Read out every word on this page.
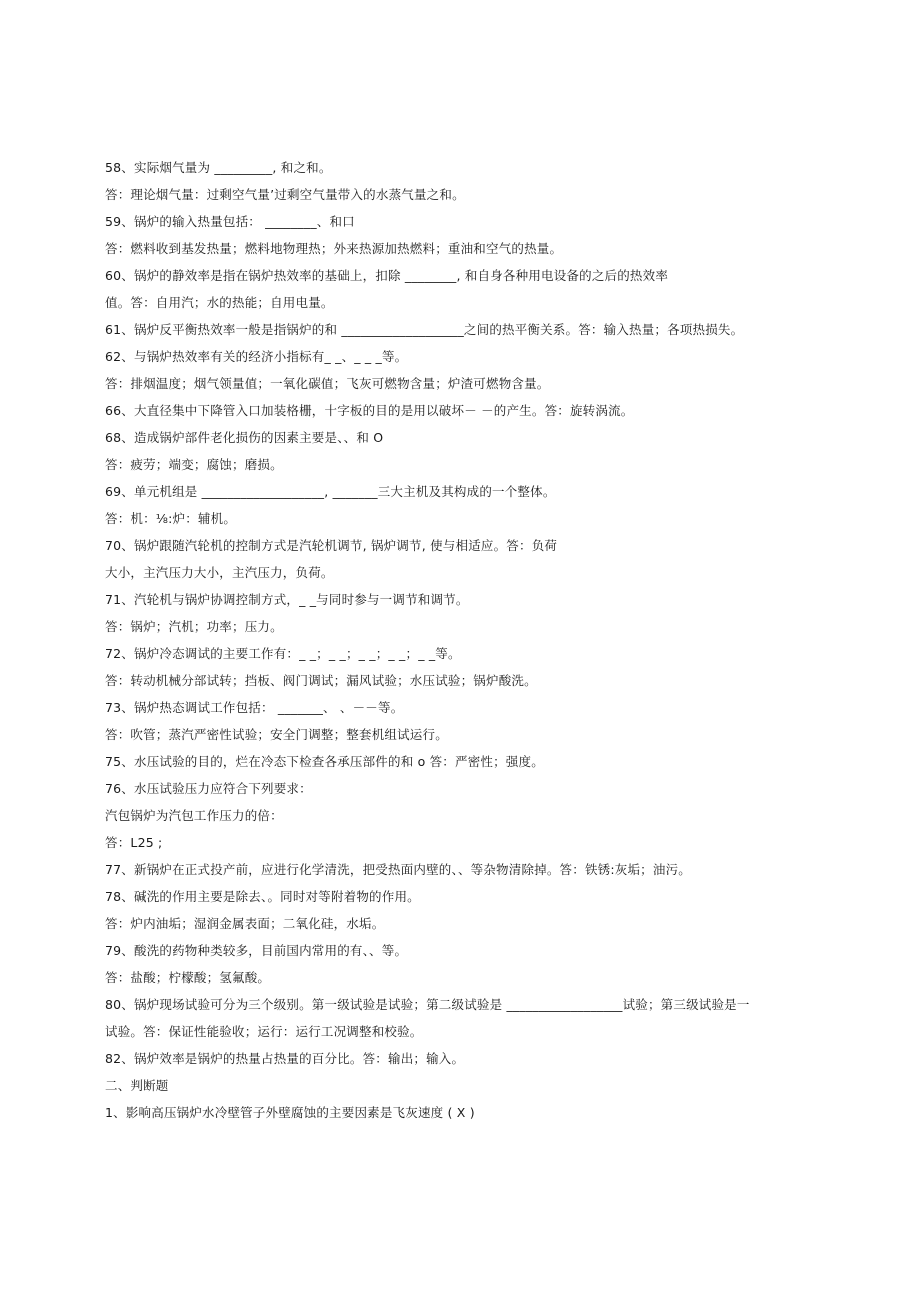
58、实际烟气量为 _________, 和之和。
答：理论烟气量：过剩空气量’过剩空气量带入的水蒸气量之和。
59、锅炉的输入热量包括： ________、和口
答：燃料收到基发热量；燃料地物理热；外来热源加热燃料；重油和空气的热量。
60、锅炉的静效率是指在锅炉热效率的基础上，扣除 ________, 和自身各种用电设备的之后的热效率
值。答：自用汽；水的热能；自用电量。
61、锅炉反平衡热效率一般是指锅炉的和 ___________________之间的热平衡关系。答：输入热量；各项热损失。
62、与锅炉热效率有关的经济小指标有_ _、_ _ _等。
答：排烟温度；烟气领量值；一氧化碳值；飞灰可燃物含量；炉渣可燃物含量。
66、大直径集中下降管入口加装格栅，十字板的目的是用以破坏－ －的产生。答：旋转涡流。
68、造成锅炉部件老化损伤的因素主要是、、和 O
答：疲劳；端变；腐蚀；磨损。
69、单元机组是 ___________________, _______三大主机及其构成的一个整体。
答：机：⅛:炉：辅机。
70、锅炉跟随汽轮机的控制方式是汽轮机调节, 锅炉调节, 使与相适应。答：负荷
大小，主汽压力大小，主汽压力，负荷。
71、汽轮机与锅炉协调控制方式，_ _与同时参与一调节和调节。
答：锅炉；汽机；功率；压力。
72、锅炉冷态调试的主要工作有：_ _；_ _；_ _；_ _；_ _等。
答：转动机械分部试转；挡板、阀门调试；漏风试验；水压试验；锅炉酸洗。
73、锅炉热态调试工作包括： _______、 、－－等。
答：吹管；蒸汽严密性试验；安全门调整；整套机组试运行。
75、水压试验的目的，烂在冷态下检查各承压部件的和 o 答：严密性；强度。
76、水压试验压力应符合下列要求：
汽包锅炉为汽包工作压力的倍：
答：L25 ;
77、新锅炉在正式投产前，应进行化学清洗，把受热面内壁的、、等杂物清除掉。答：铁锈:灰垢；油污。
78、碱洗的作用主要是除去、。同时对等附着物的作用。
答：炉内油垢；湿润金属表面；二氧化硅，水垢。
79、酸洗的药物种类较多，目前国内常用的有、、等。
答：盐酸；柠檬酸；氢氟酸。
80、锅炉现场试验可分为三个级别。第一级试验是试验；第二级试验是 __________________试验；第三级试验是一
试验。答：保证性能验收；运行：运行工况调整和校验。
82、锅炉效率是锅炉的热量占热量的百分比。答：输出；输入。
二、判断题
1、影响高压锅炉水冷壁管子外壁腐蚀的主要因素是飞灰速度 ( X )
